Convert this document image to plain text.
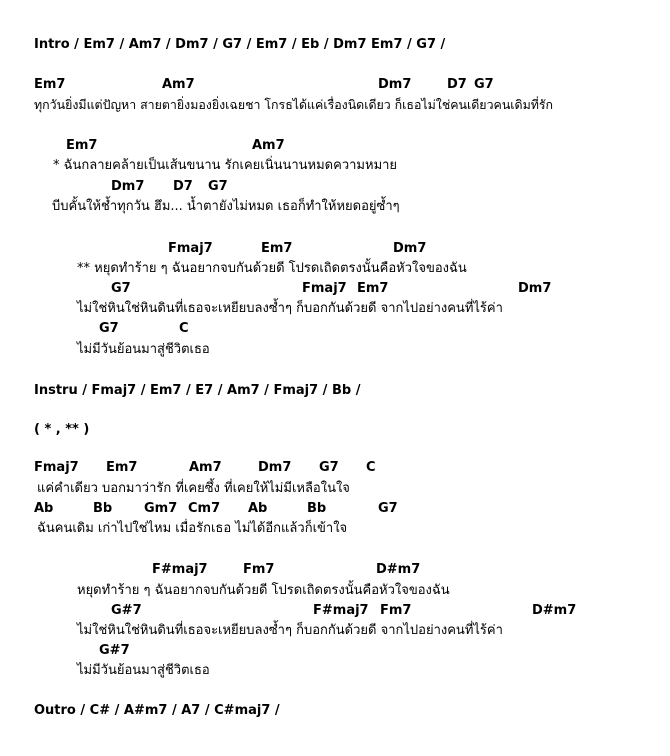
Intro / Em7 / Am7 / Dm7 / G7 / Em7 / Eb / Dm7 Em7 / G7 /
Em7	Am7	Dm7	D7 G7
ทุกวันยิ่งมีแต่ปัญหา สายตายิ่งมองยิ่งเฉยชา โกรธได้แค่เรื่องนิดเดียว ก็เธอไม่ใช่คนเดียวคนเดิมที่รัก
Em7	Am7
* ฉันกลายคล้ายเป็นเส้นขนาน รักเคยเนิ่นนานหมดความหมาย
Dm7 D7 G7
บีบคั้นให้ช้ำทุกวัน ฮึม... น้ำตายังไม่หมด เธอก็ทำให้หยดอยู่ซ้ำๆ
Fmaj7	Em7	Dm7
** หยุดทำร้าย ๆ ฉันอยากจบกันด้วยดี โปรดเถิดตรงนั้นคือหัวใจของฉัน
G7	Fmaj7 Em7	Dm7
ไม่ใช่หินใช่หินดินที่เธอจะเหยียบลงซ้ำๆ ก็บอกกันด้วยดี จากไปอย่างคนที่ไร้ค่า
G7	C
ไม่มีวันย้อนมาสู่ชีวิตเธอ
Instru / Fmaj7 / Em7 / E7 / Am7 / Fmaj7 / Bb /
( * , ** )
Fmaj7 Em7	Am7	Dm7 G7 C
แค่คำเดียว บอกมาว่ารัก ที่เคยซึ้ง ที่เคยให้ไม่มีเหลือในใจ
Ab	Bb Gm7 Cm7 Ab	Bb	G7
ฉันคนเดิม เก่าไปใช่ไหม เมื่อรักเธอ ไม่ได้อีกแล้วก็เข้าใจ
F#maj7	Fm7	D#m7
หยุดทำร้าย ๆ ฉันอยากจบกันด้วยดี โปรดเถิดตรงนั้นคือหัวใจของฉัน
G#7	F#maj7 Fm7	D#m7
ไม่ใช่หินใช่หินดินที่เธอจะเหยียบลงซ้ำๆ ก็บอกกันด้วยดี จากไปอย่างคนที่ไร้ค่า
G#7
ไม่มีวันย้อนมาสู่ชีวิตเธอ
Outro / C# / A#m7 / A7 / C#maj7 /
